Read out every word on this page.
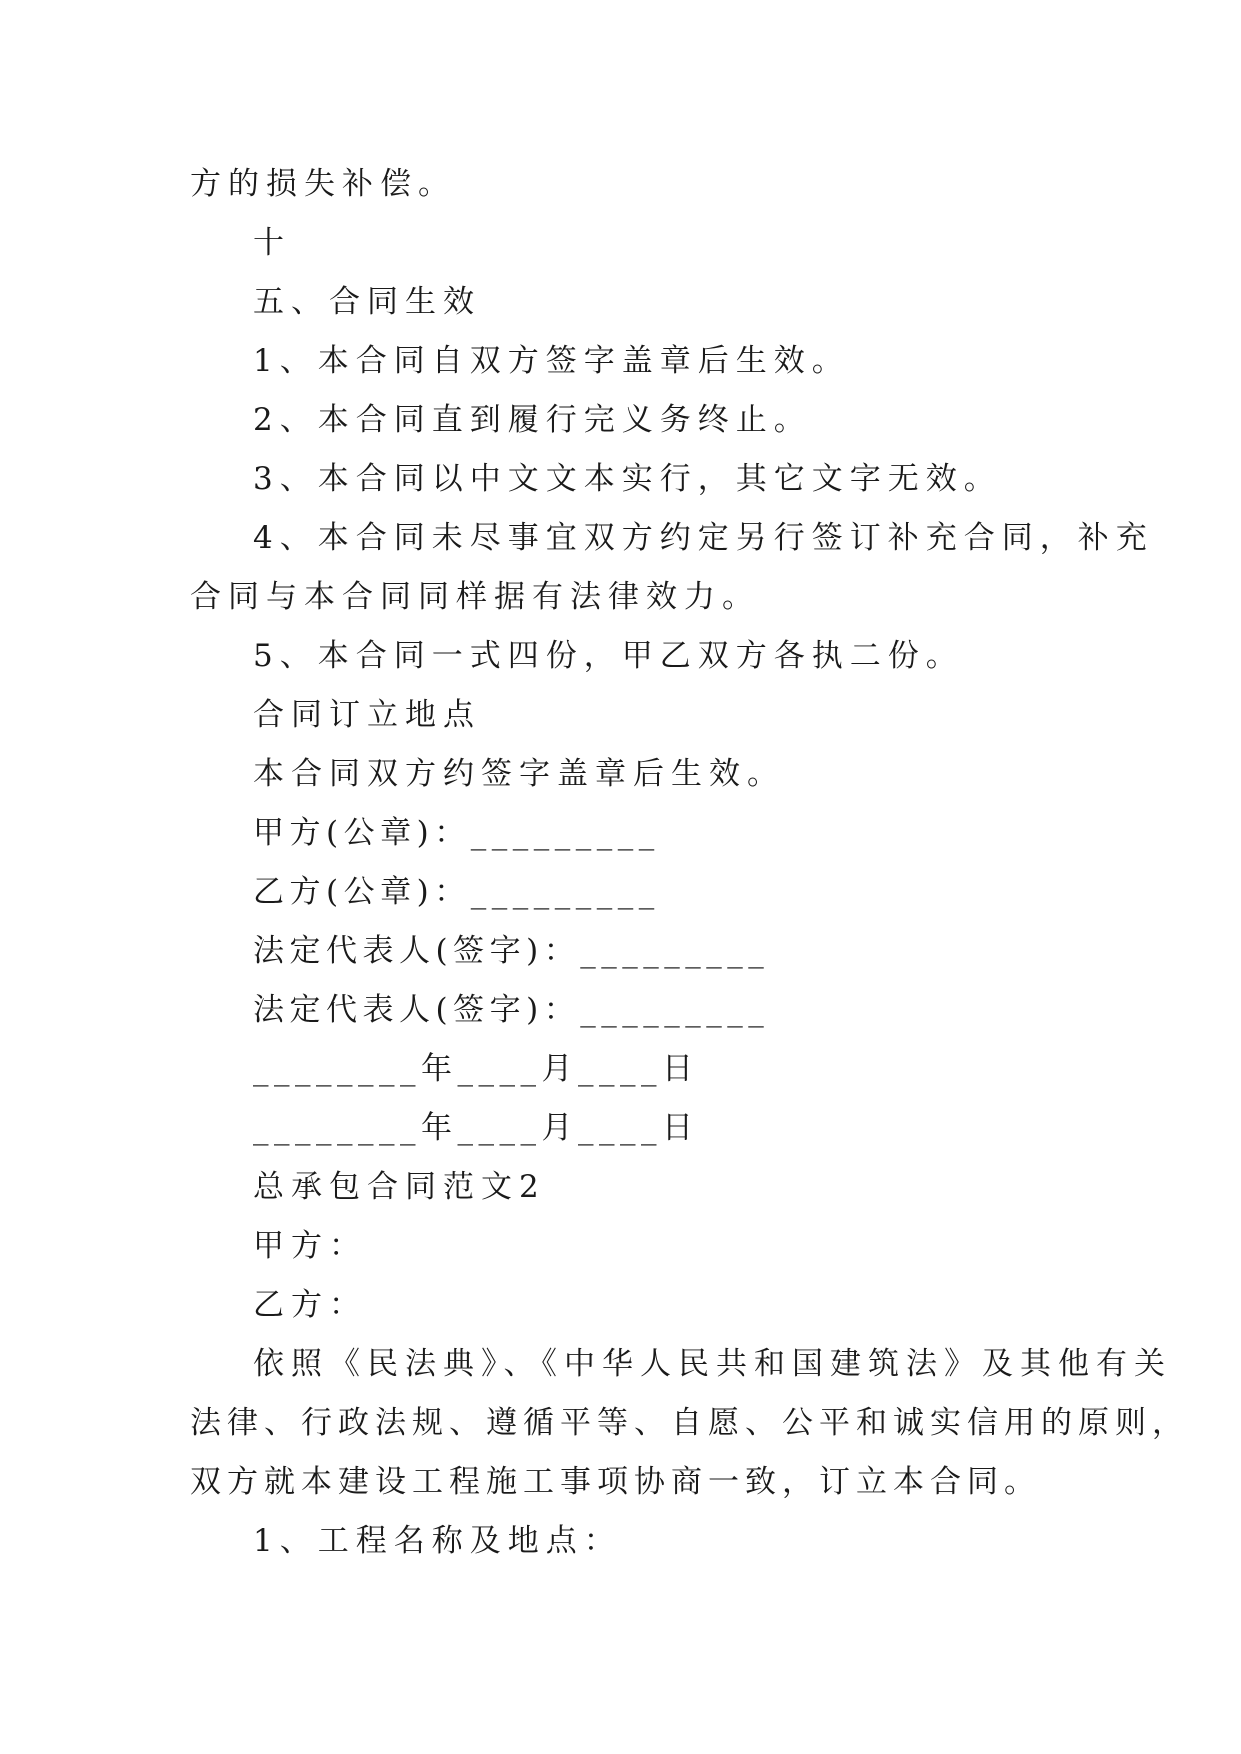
方的损失补偿。
十
五、合同生效
1、本合同自双方签字盖章后生效。
2、本合同直到履行完义务终止。
3、本合同以中文文本实行，其它文字无效。
4、本合同未尽事宜双方约定另行签订补充合同，补充
合同与本合同同样据有法律效力。
5、本合同一式四份，甲乙双方各执二份。
合同订立地点
本合同双方约签字盖章后生效。
甲方(公章)：_________
乙方(公章)：_________
法定代表人(签字)：_________
法定代表人(签字)：_________
________年____月____日
________年____月____日
总承包合同范文2
甲方：
乙方：
依照《民法典》、《中华人民共和国建筑法》及其他有关
法律、行政法规、遵循平等、自愿、公平和诚实信用的原则，
双方就本建设工程施工事项协商一致，订立本合同。
1、工程名称及地点：
